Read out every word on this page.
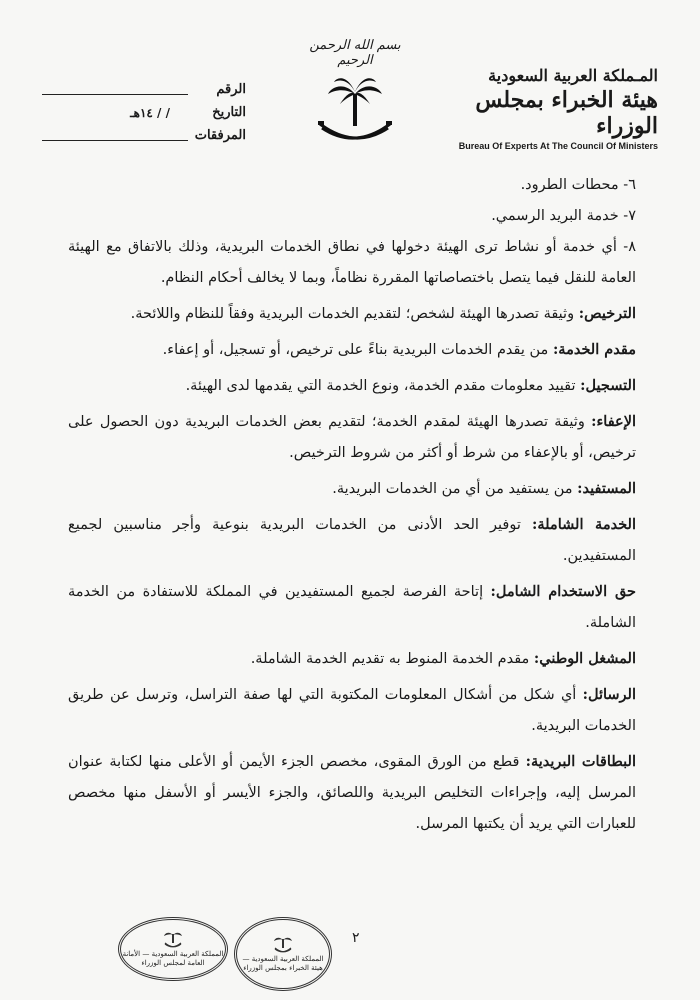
المـملكة العربية السعودية
هيئة الخبراء بمجلس الوزراء
Bureau Of Experts At The Council Of Ministers
بسم الله الرحمن الرحيم
الرقم
التاريخ
/ / ١٤هـ
المرفقات
٦- محطات الطرود.
٧- خدمة البريد الرسمي.
٨- أي خدمة أو نشاط ترى الهيئة دخولها في نطاق الخدمات البريدية، وذلك بالاتفاق مع الهيئة العامة للنقل فيما يتصل باختصاصاتها المقررة نظاماً، وبما لا يخالف أحكام النظام.
الترخيص: وثيقة تصدرها الهيئة لشخص؛ لتقديم الخدمات البريدية وفقاً للنظام واللائحة.
مقدم الخدمة: من يقدم الخدمات البريدية بناءً على ترخيص، أو تسجيل، أو إعفاء.
التسجيل: تقييد معلومات مقدم الخدمة، ونوع الخدمة التي يقدمها لدى الهيئة.
الإعفاء: وثيقة تصدرها الهيئة لمقدم الخدمة؛ لتقديم بعض الخدمات البريدية دون الحصول على ترخيص، أو بالإعفاء من شرط أو أكثر من شروط الترخيص.
المستفيد: من يستفيد من أي من الخدمات البريدية.
الخدمة الشاملة: توفير الحد الأدنى من الخدمات البريدية بنوعية وأجر مناسبين لجميع المستفيدين.
حق الاستخدام الشامل: إتاحة الفرصة لجميع المستفيدين في المملكة للاستفادة من الخدمة الشاملة.
المشغل الوطني: مقدم الخدمة المنوط به تقديم الخدمة الشاملة.
الرسائل: أي شكل من أشكال المعلومات المكتوبة التي لها صفة التراسل، وترسل عن طريق الخدمات البريدية.
البطاقات البريدية: قطع من الورق المقوى، مخصص الجزء الأيمن أو الأعلى منها لكتابة عنوان المرسل إليه، وإجراءات التخليص البريدية واللصائق، والجزء الأيسر أو الأسفل منها مخصص للعبارات التي يريد أن يكتبها المرسل.
٢
المملكة العربية السعودية — الأمانة العامة لمجلس الوزراء	المملكة العربية السعودية — هيئة الخبراء بمجلس الوزراء
